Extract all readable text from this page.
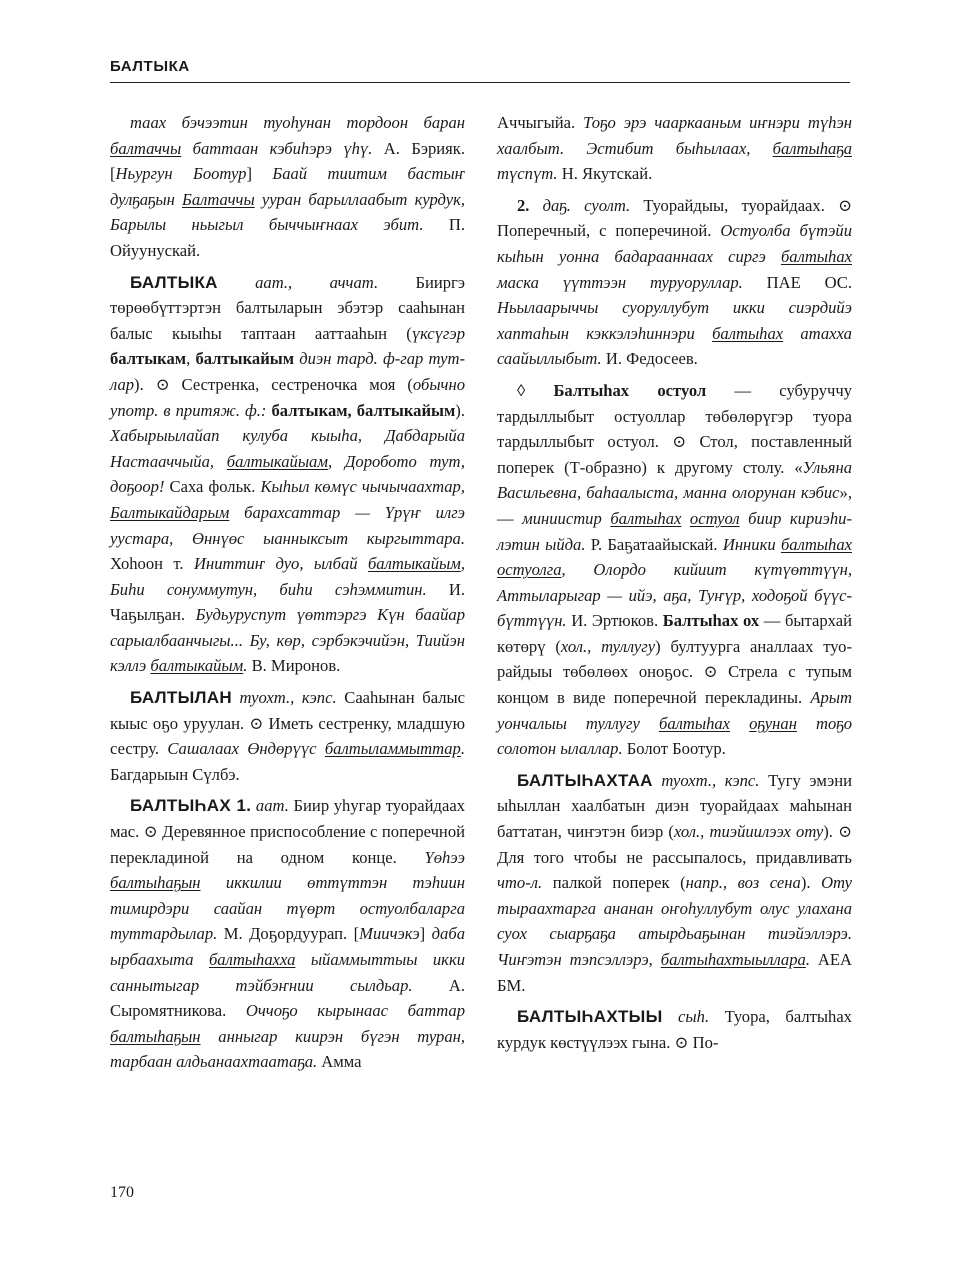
БАЛТЫКА

таах бэчээтин туоһунан тордоон баран балтаччы баттаан кэбиһэрэ үһү. А. Бэрияк. [Ньургун Боотур] Баай тиитим бастыҥ дулҕаҕын Балтаччы ууран барыллаабыт курдук, Барылы ньыгыл быччыҥнаах эбит. П. Ойуунускай.

БАЛТЫКА аат., аччат. Бииргэ төрөөбүттэртэн балтыларын эбэтэр сааһынан балыс кыыһы таптаан ааттааһын (үксүгэр балтыкам, балтыкайым диэн тард. ф-гар тут-лар). ⊙ Сестренка, сестреночка моя (обычно употр. в притяж. ф.: балтыкам, балтыкайым). Хабырыылайап кулуба кыыһа, Дабдарыйа Настааччыйа, балтыкайыам, Доробото тут, доҕоор! Саха фольк. Кыһыл көмүс чычычаахтар, Балтыкайдарым барахсаттар — Үрүҥ илгэ уустара, Өннүөс ыанныксыт кыргыттара. Хоһоон т. Иниттиҥ дуо, ылбай балтыкайым, Биһи сонуммутун, биһи сэһэммитин. И. Чаҕылҕан. Будьуруспут үөттэргэ Күн баайар сарыалбаанчыгы... Бу, көр, сэрбэкэчийэн, Тиийэн кэллэ балтыкайым. В. Миронов.

БАЛТЫЛАН туохт., кэпс. Сааһынан балыс кыыс оҕо уруулан. ⊙ Иметь сестренку, младшую сестру. Сашалаах Өндөрүүс балтыламмыттар. Багдарыын Сүлбэ.

БАЛТЫҺАХ 1. аат. Биир уһугар туорайдаах мас. ⊙ Деревянное приспособление с поперечной перекладиной на одном конце. Үөһээ балтыһаҕын иккилии өттүттэн тэһиин тимирдэри саайан түөрт остуолбаларга туттардылар. М. Доҕордуурап. [Миичэкэ] даба ырбаахыта балтыһахха ыйаммыттыы икки саннытыгар тэйбэҥнии сылдьар. А. Сыромятникова. Оччоҕо кырынаас баттар балтыһаҕын анныгар киирэн бүгэн туран, тарбаан алдьанаахтаатаҕа. Амма

Аччыгыйа. Тоҕо эрэ чааркааным иҥнэри түһэн хаалбыт. Эстибит быһылаах, балтыһаҕа түспүт. Н. Якутскай.

2. даҕ. суолт. Туорайдыы, туорайдаах. ⊙ Поперечный, с поперечиной. Остуолба бүтэйи кыһын уонна бадарааннаах сиргэ балтыһах маска үүттээн туруоруллар. ПАЕ ОС. Ньылаарыччы суоруллубут икки сиэрдийэ хаптаһын кэккэлэһиннэри балтыһах атахха саайыллыбыт. И. Федосеев.

◊ Балтыһах остуол — субуруччу тардыллыбыт остуоллар төбөлөрүгэр туора тардыллыбыт остуол. ⊙ Стол, поставленный поперек (Т-образно) к другому столу. «Ульяна Васильевна, баһаалыста, манна олорунан кэбис», — миниистир балтыһах остуол биир кириэһилэтин ыйда. Р. Баҕатаайыскай. Инники балтыһах остуолга, Олордо кийиит күтүөттүүн, Аттыларыгар — ийэ, аҕа, Туҥүр, ходоҕой бүүс-бүттүүн. И. Эртюков. Балтыһах ох — бытархай көтөрү (хол., туллугу) бултуурга аналлаах туорайдыы төбөлөөх оноҕос. ⊙ Стрела с тупым концом в виде поперечной перекладины. Арыт уончалыы туллугу балтыһах оҕунан тоҕо солотон ылаллар. Болот Боотур.

БАЛТЫҺАХТАА туохт., кэпс. Тугу эмэни ыһыллан хаалбатын диэн туорайдаах маһынан баттатан, чиҥэтэн биэр (хол., тиэйиилээх оту). ⊙ Для того чтобы не рассыпалось, придавливать что-л. палкой поперек (напр., воз сена). Оту тыраахтарга ананан оҥоһуллубут олус улахана суох сыарҕаҕа атырдьаҕынан тиэйэллэрэ. Чиҥэтэн тэпсэллэрэ, балтыһахтыыллара. АЕА БМ.

БАЛТЫҺАХТЫЫ сыһ. Туора, балтыһах курдук көстүүлээх гына. ⊙ По-

170
